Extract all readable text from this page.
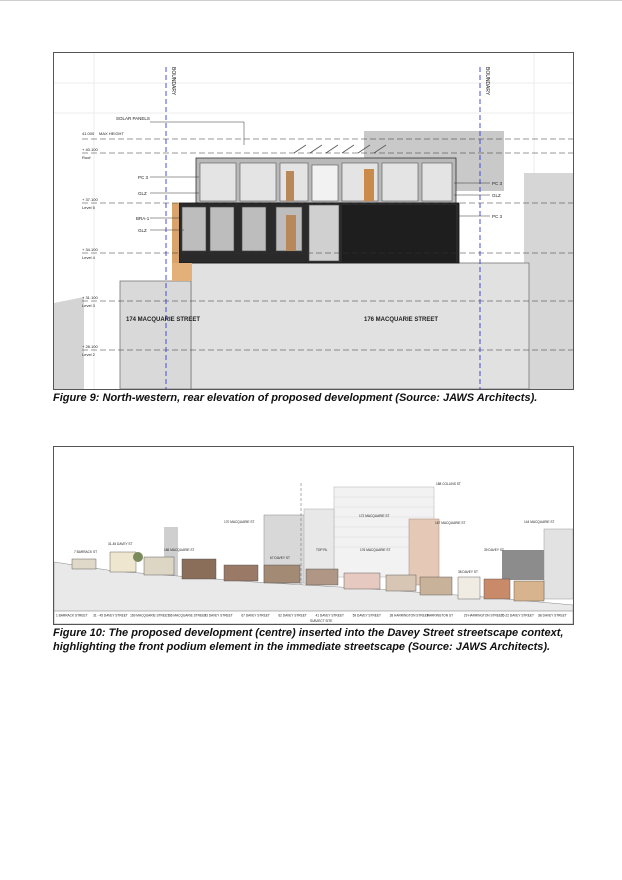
BOUNDARY	BOUNDARY
41.000 MAX HEIGHT
+ 40.100
Roof
+ 37.100
Level 5
+ 34.100
Level 4
+ 31.100
Level 3
+ 28.100
Level 2
SOLAR PANELS
PC 3
GLZ
BRA-1
GLZ
PC 3
GLZ
PC 3
174 MACQUARIE STREET	176 MACQUARIE STREET
Figure 9: North-western, rear elevation of proposed development (Source: JAWS Architects).
1 BARRACK STREET 31 - 45 DAVEY STREET 169 MACQUARIE STREET
186 MACQUARIE STREET
63 DAVEY STREET	67 DAVEY STREET	62 DAVEY STREET	41 DAVEY STREET	59 DAVEY STREET	38 HARRINGTON STREET
HARRINGTON ST	29 HARRINGTON STREET
16-22 DAVEY STREET 3B DAVEY STREET
SUBJECT SITE
188 COLLINS ST
172 MACQUARIE ST
167 MACQUARIE ST	144 MACQUARIE ST
7 BARRACK ST
31-45 DAVEY ST
186 MACQUARIE ST
170 MACQUARIE ST
67 DAVEY ST
TOP RL	176 MACQUARIE ST
38 DAVEY ST
39 DAVEY ST
Figure 10: The proposed development (centre) inserted into the Davey Street streetscape context, highlighting the front podium element in the immediate streetscape (Source: JAWS Architects).
